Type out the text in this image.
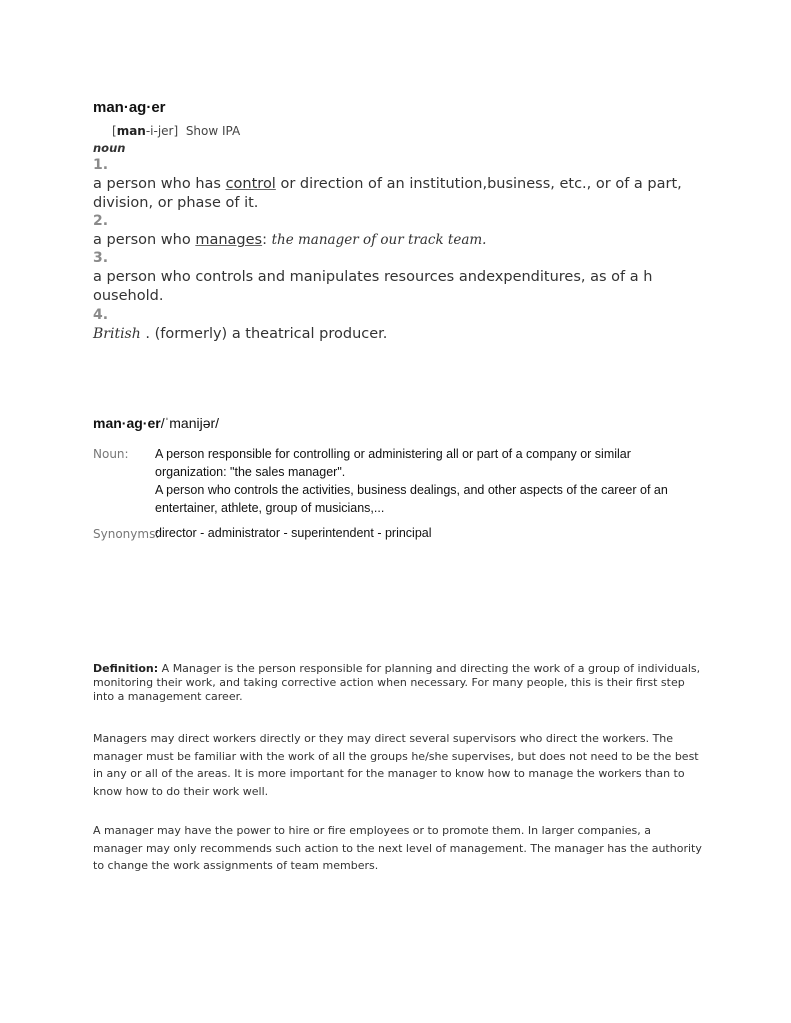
man·ag·er
[man-i-jer] Show IPA
noun
1.
a person who has control or direction of an institution,business, etc., or of a part, division, or phase of it.
2.
a person who manages: the manager of our track team.
3.
a person who controls and manipulates resources andexpenditures, as of a h ousehold.
4.
British . (formerly) a theatrical producer.
man·ag·er/ˈmanijər/
Noun: A person responsible for controlling or administering all or part of a company or similar organization: "the sales manager".
A person who controls the activities, business dealings, and other aspects of the career of an entertainer, athlete, group of musicians,...
Synonyms:
director - administrator - superintendent - principal
Definition: A Manager is the person responsible for planning and directing the work of a group of individuals, monitoring their work, and taking corrective action when necessary. For many people, this is their first step into a management career.
Managers may direct workers directly or they may direct several supervisors who direct the workers. The manager must be familiar with the work of all the groups he/she supervises, but does not need to be the best in any or all of the areas. It is more important for the manager to know how to manage the workers than to know how to do their work well.
A manager may have the power to hire or fire employees or to promote them. In larger companies, a manager may only recommends such action to the next level of management. The manager has the authority to change the work assignments of team members.
